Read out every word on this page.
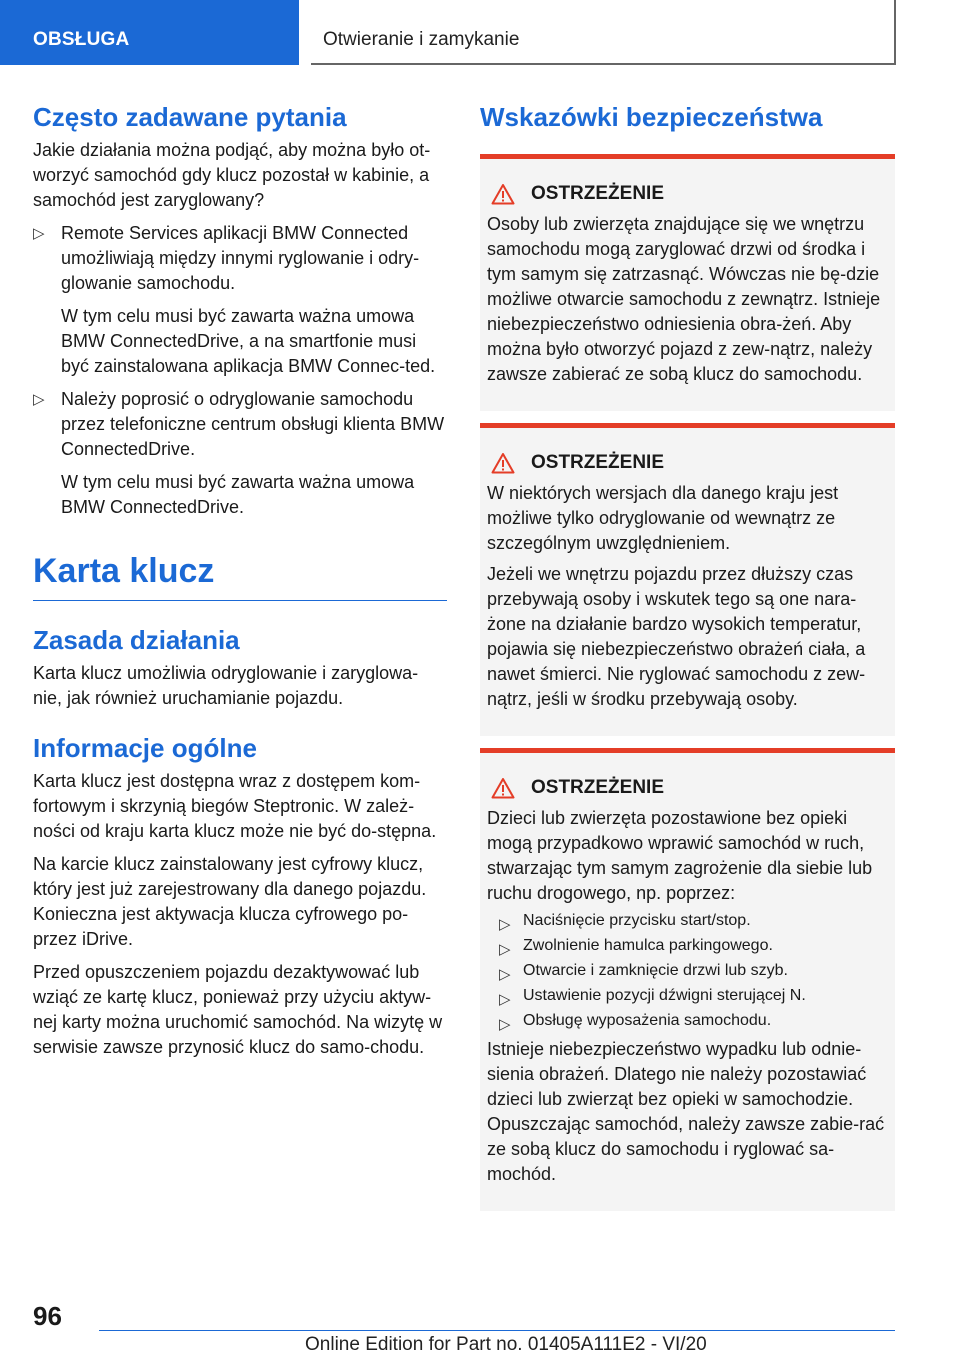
OBSŁUGA	Otwieranie i zamykanie
Często zadawane pytania

Jakie działania można podjąć, aby można było ot-worzyć samochód gdy klucz pozostał w kabinie, a samochód jest zaryglowany?

▷ Remote Services aplikacji BMW Connected umożliwiają między innymi ryglowanie i odry-glowanie samochodu.

W tym celu musi być zawarta ważna umowa BMW ConnectedDrive, a na smartfonie musi być zainstalowana aplikacja BMW Connec-ted.

▷ Należy poprosić o odryglowanie samochodu przez telefoniczne centrum obsługi klienta BMW ConnectedDrive.

W tym celu musi być zawarta ważna umowa BMW ConnectedDrive.

Karta klucz
Zasada działania

Karta klucz umożliwia odryglowanie i zaryglowa-nie, jak również uruchamianie pojazdu.

Informacje ogólne

Karta klucz jest dostępna wraz z dostępem kom-fortowym i skrzynią biegów Steptronic. W zależ-ności od kraju karta klucz może nie być do-stępna.

Na karcie klucz zainstalowany jest cyfrowy klucz, który jest już zarejestrowany dla danego pojazdu. Konieczna jest aktywacja klucza cyfrowego po-przez iDrive.

Przed opuszczeniem pojazdu dezaktywować lub wziąć ze kartę klucz, ponieważ przy użyciu aktyw-nej karty można uruchomić samochód. Na wizytę w serwisie zawsze przynosić klucz do samo-chodu.

Wskazówki bezpieczeństwa
OSTRZEŻENIE

Osoby lub zwierzęta znajdujące się we wnętrzu samochodu mogą zaryglować drzwi od środka i tym samym się zatrzasnąć. Wówczas nie bę-dzie możliwe otwarcie samochodu z zewnątrz. Istnieje niebezpieczeństwo odniesienia obra-żeń. Aby można było otworzyć pojazd z zew-nątrz, należy zawsze zabierać ze sobą klucz do samochodu.

OSTRZEŻENIE

W niektórych wersjach dla danego kraju jest możliwe tylko odryglowanie od wewnątrz ze szczególnym uwzględnieniem.

Jeżeli we wnętrzu pojazdu przez dłuższy czas przebywają osoby i wskutek tego są one nara-żone na działanie bardzo wysokich temperatur, pojawia się niebezpieczeństwo obrażeń ciała, a nawet śmierci. Nie ryglować samochodu z zew-nątrz, jeśli w środku przebywają osoby.

OSTRZEŻENIE

Dzieci lub zwierzęta pozostawione bez opieki mogą przypadkowo wprawić samochód w ruch, stwarzając tym samym zagrożenie dla siebie lub ruchu drogowego, np. poprzez:

▷ Naciśnięcie przycisku start/stop.
▷ Zwolnienie hamulca parkingowego.
▷ Otwarcie i zamknięcie drzwi lub szyb.
▷ Ustawienie pozycji dźwigni sterującej N.
▷ Obsługę wyposażenia samochodu.

Istnieje niebezpieczeństwo wypadku lub odnie-sienia obrażeń. Dlatego nie należy pozostawiać dzieci lub zwierząt bez opieki w samochodzie. Opuszczając samochód, należy zawsze zabie-rać ze sobą klucz do samochodu i ryglować sa-mochód.

96
Online Edition for Part no. 01405A111E2 - VI/20
